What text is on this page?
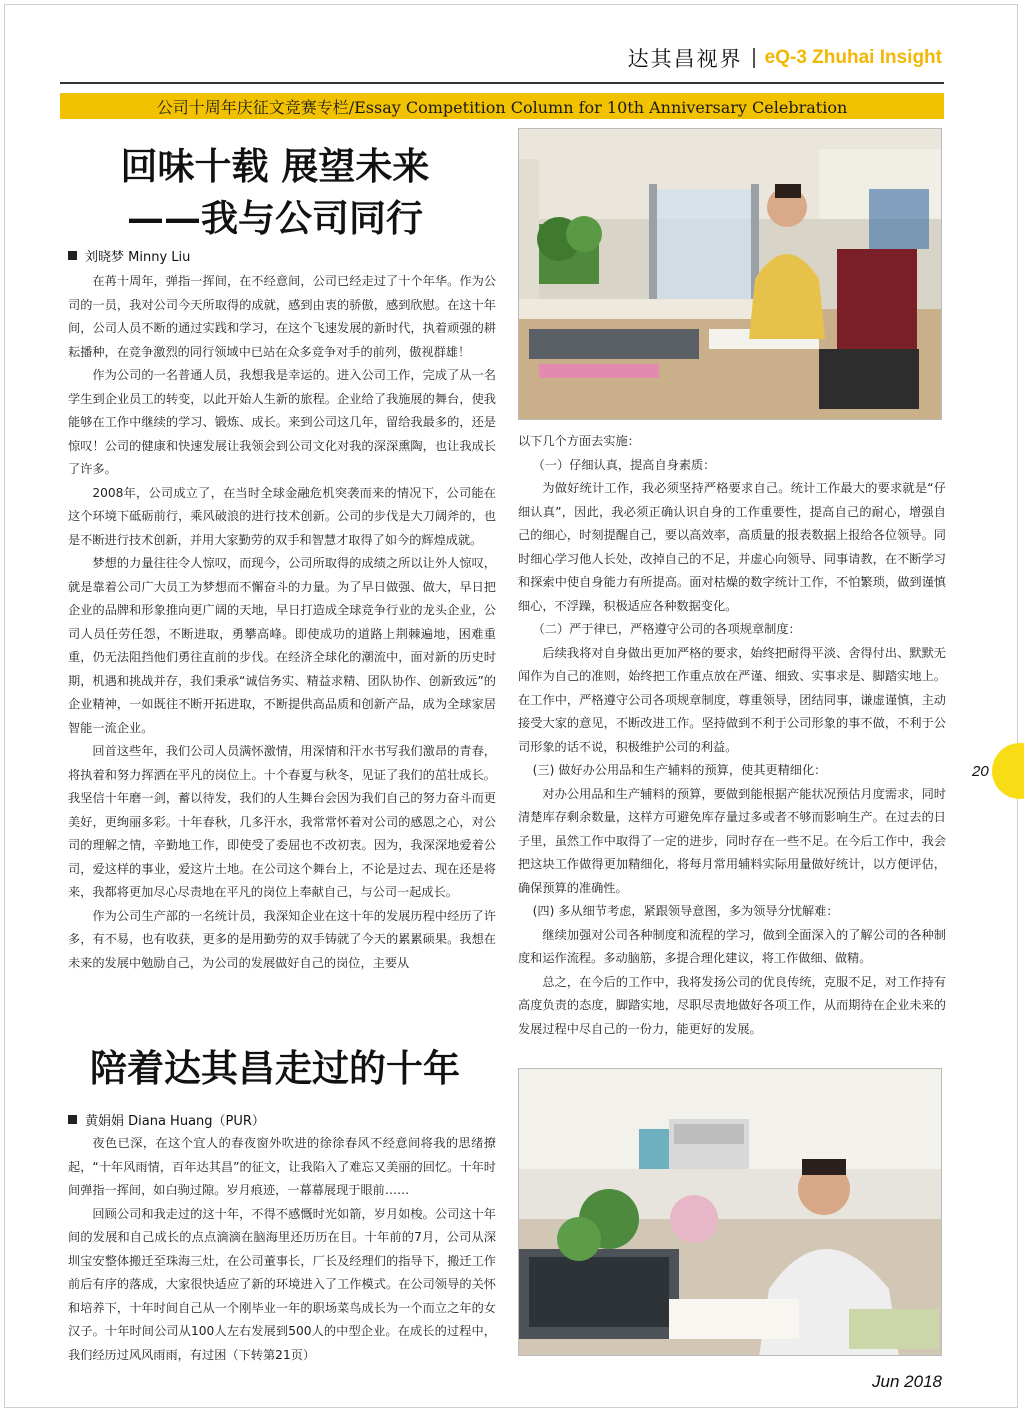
达其昌视界 eQ-3 Zhuhai Insight
公司十周年庆征文竞赛专栏/Essay Competition Column for 10th Anniversary Celebration
回味十载 展望未来
——我与公司同行
刘晓梦 Minny Liu

在苒十周年，弹指一挥间，在不经意间，公司已经走过了十个年华。作为公司的一员，我对公司今天所取得的成就，感到由衷的骄傲，感到欣慰。在这十年间，公司人员不断的通过实践和学习，在这个飞速发展的新时代，执着顽强的耕耘播种，在竞争激烈的同行领域中已站在众多竞争对手的前列，傲视群雄！

作为公司的一名普通人员，我想我是幸运的。进入公司工作，完成了从一名学生到企业员工的转变，以此开始人生新的旅程。企业给了我施展的舞台，使我能够在工作中继续的学习、锻炼、成长。来到公司这几年，留给我最多的，还是惊叹！公司的健康和快速发展让我领会到公司文化对我的深深熏陶，也让我成长了许多。

2008年，公司成立了，在当时全球金融危机突袭而来的情况下，公司能在这个环境下砥砺前行，乘风破浪的进行技术创新。公司的步伐是大刀阔斧的，也是不断进行技术创新，并用大家勤劳的双手和智慧才取得了如今的辉煌成就。

梦想的力量往往令人惊叹，而现今，公司所取得的成绩之所以让外人惊叹，就是靠着公司广大员工为梦想而不懈奋斗的力量。为了早日做强、做大，早日把企业的品牌和形象推向更广阔的天地，早日打造成全球竞争行业的龙头企业，公司人员任劳任怨，不断进取，勇攀高峰。即使成功的道路上荆棘遍地，困难重重，仍无法阻挡他们勇往直前的步伐。在经济全球化的潮流中，面对新的历史时期，机遇和挑战并存，我们秉承“诚信务实、精益求精、团队协作、创新致远”的企业精神，一如既往不断开拓进取，不断提供高品质和创新产品，成为全球家居智能一流企业。

回首这些年，我们公司人员满怀激情，用深情和汗水书写我们激昂的青春，将执着和努力挥洒在平凡的岗位上。十个春夏与秋冬，见证了我们的茁壮成长。我坚信十年磨一剑，蓄以待发，我们的人生舞台会因为我们自己的努力奋斗而更美好，更绚丽多彩。十年春秋，几多汗水，我常常怀着对公司的感恩之心，对公司的理解之情，辛勤地工作，即使受了委屈也不改初衷。因为，我深深地爱着公司，爱这样的事业，爱这片土地。在公司这个舞台上，不论是过去、现在还是将来，我都将更加尽心尽责地在平凡的岗位上奉献自己，与公司一起成长。

作为公司生产部的一名统计员，我深知企业在这十年的发展历程中经历了许多，有不易，也有收获，更多的是用勤劳的双手铸就了今天的累累硕果。我想在未来的发展中勉励自己，为公司的发展做好自己的岗位，主要从

以下几个方面去实施：

（一）仔细认真，提高自身素质：

为做好统计工作，我必须坚持严格要求自己。统计工作最大的要求就是“仔细认真”，因此，我必须正确认识自身的工作重要性，提高自己的耐心，增强自己的细心，时刻提醒自己，要以高效率，高质量的报表数据上报给各位领导。同时细心学习他人长处，改掉自己的不足，并虚心向领导、同事请教，在不断学习和探索中使自身能力有所提高。面对枯燥的数字统计工作，不怕繁琐，做到谨慎细心，不浮躁，积极适应各种数据变化。

（二）严于律已，严格遵守公司的各项规章制度：

后续我将对自身做出更加严格的要求，始终把耐得平淡、舍得付出、默默无闻作为自己的准则，始终把工作重点放在严谨、细致、实事求是、脚踏实地上。在工作中，严格遵守公司各项规章制度，尊重领导，团结同事，谦虚谨慎，主动接受大家的意见，不断改进工作。坚持做到不利于公司形象的事不做，不利于公司形象的话不说，积极维护公司的利益。

(三) 做好办公用品和生产辅料的预算，使其更精细化：

对办公用品和生产辅料的预算，要做到能根据产能状况预估月度需求，同时清楚库存剩余数量，这样方可避免库存量过多或者不够而影响生产。在过去的日子里，虽然工作中取得了一定的进步，同时存在一些不足。在今后工作中，我会把这块工作做得更加精细化，将每月常用辅料实际用量做好统计，以方便评估，确保预算的准确性。

(四) 多从细节考虑，紧跟领导意图，多为领导分忧解难：

继续加强对公司各种制度和流程的学习，做到全面深入的了解公司的各种制度和运作流程。多动脑筋，多提合理化建议，将工作做细、做精。

总之，在今后的工作中，我将发扬公司的优良传统，克服不足，对工作持有高度负责的态度，脚踏实地，尽职尽责地做好各项工作，从而期待在企业未来的发展过程中尽自己的一份力，能更好的发展。

陪着达其昌走过的十年
黄娟娟 Diana Huang（PUR）

夜色已深，在这个宜人的春夜窗外吹进的徐徐春风不经意间将我的思绪撩起，“十年风雨情，百年达其昌”的征文，让我陷入了难忘又美丽的回忆。十年时间弹指一挥间，如白驹过隙。岁月痕迹，一幕幕展现于眼前……

回顾公司和我走过的这十年，不得不感慨时光如箭，岁月如梭。公司这十年间的发展和自己成长的点点滴滴在脑海里还历历在目。十年前的7月，公司从深圳宝安整体搬迁至珠海三灶，在公司董事长，厂长及经理们的指导下，搬迁工作前后有序的落成，大家很快适应了新的环境进入了工作模式。在公司领导的关怀和培养下，十年时间自己从一个刚毕业一年的职场菜鸟成长为一个而立之年的女汉子。十年时间公司从100人左右发展到500人的中型企业。在成长的过程中，我们经历过风风雨雨，有过困（下转第21页）

20
Jun 2018
